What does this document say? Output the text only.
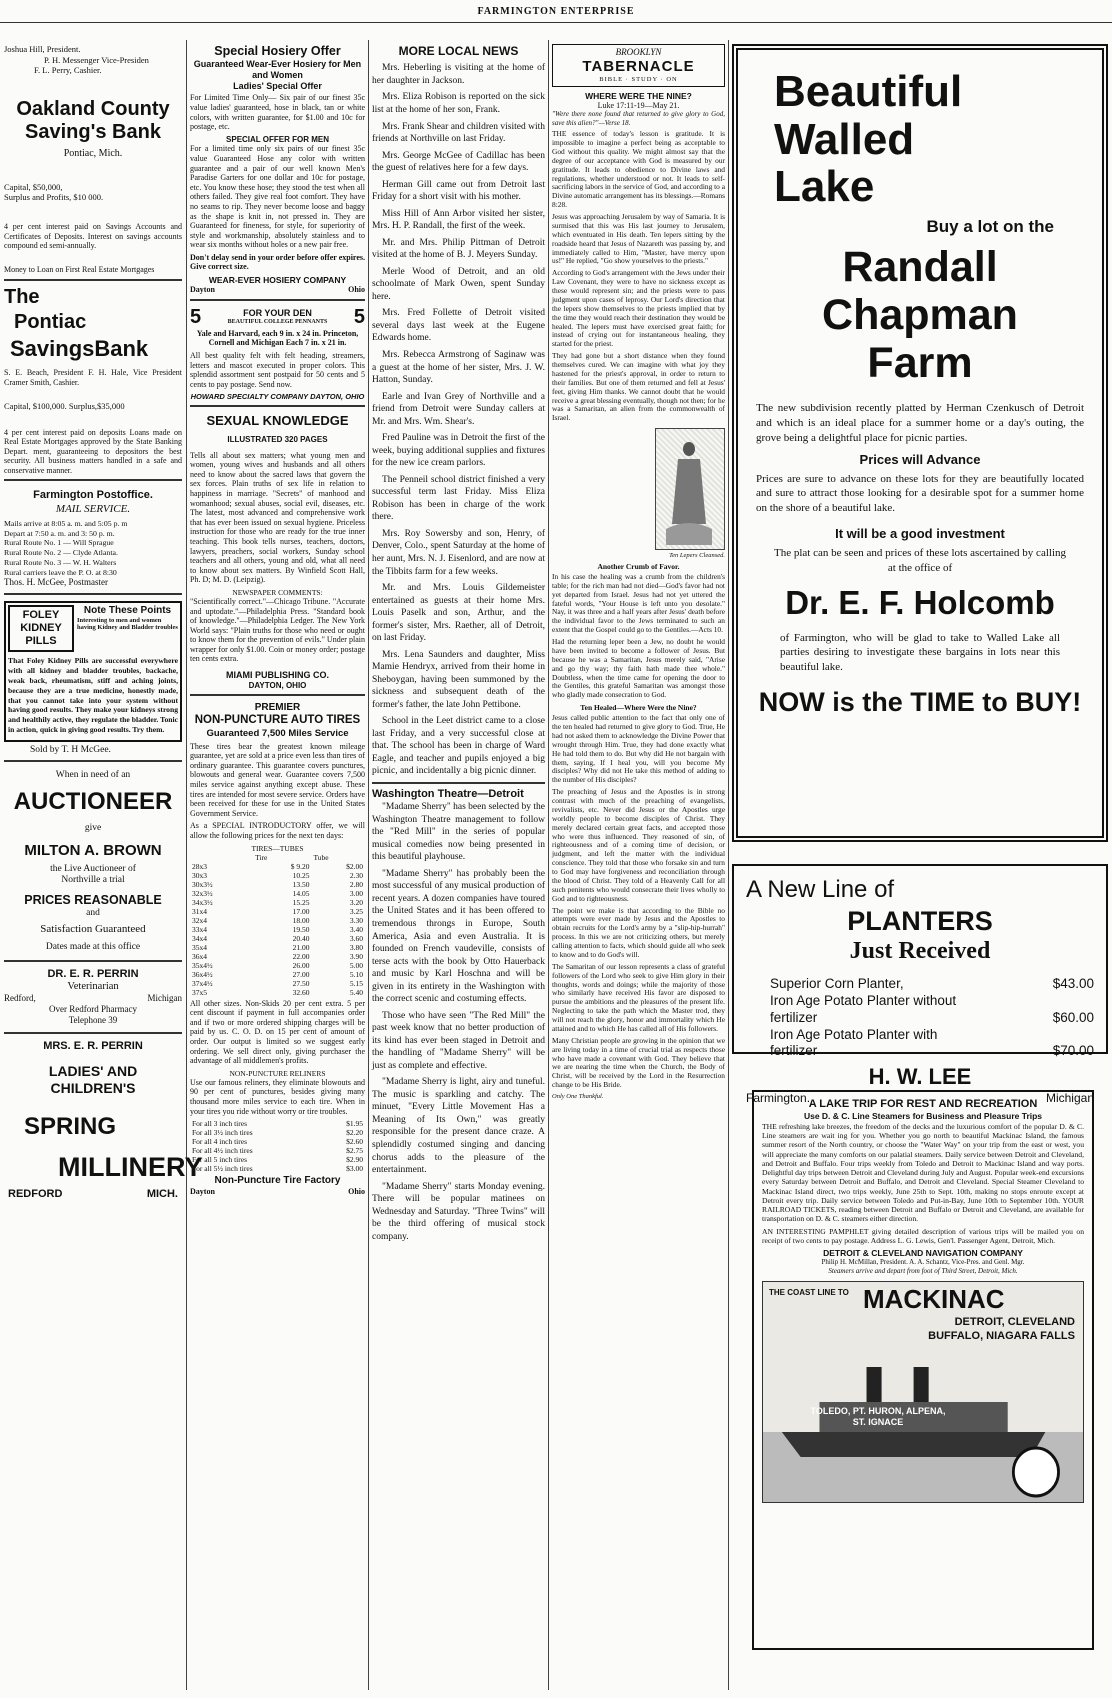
FARMINGTON ENTERPRISE
Joshua Hill, President.
P. H. Messenger Vice-Presiden
F. L. Perry, Cashier.
Oakland County Saving's Bank
Pontiac, Mich.
Capital, $50,000,
Surplus and Profits, $10 000.

4 per cent interest paid on Savings Accounts and Certificates of Deposits. Interest on savings accounts compound ed semi-annually.

Money to Loan on First Real Estate Mortgages

The
Pontiac
SavingsBank

S. E. Beach, President F. H. Hale, Vice President Cramer Smith, Cashier.

Capital, $100,000. Surplus,$35,000

4 per cent interest paid on deposits Loans made on Real Estate Mortgages approved by the State Banking Depart. ment, guaranteeing to depositors the best security. All business matters handled in a safe and conservative manner.

Farmington Postoffice.
MAIL SERVICE.
Mails arrive at 8:05 a. m. and 5:05 p. m
Depart at 7:50 a. m. and 3: 50 p. m.
Rural Route No. 1 — Will Sprague
Rural Route No. 2 — Clyde Atlanta.
Rural Route No. 3 — W. H. Walters
Rural carriers leave the P. O. at 8:30
Thos. H. McGee, Postmaster
FOLEY KIDNEY PILLS
Note These Points
Interesting to men and women having Kidney and Bladder troubles

That Foley Kidney Pills are successful everywhere with all kidney and bladder troubles, backache, weak back, rheumatism, stiff and aching joints, because they are a true medicine, honestly made, that you cannot take into your system without having good results. They make your kidneys strong and healthily active, they regulate the bladder. Tonic in action, quick in giving good results. Try them.

Sold by T. H McGee.
When in need of an
AUCTIONEER
give
MILTON A. BROWN
the Live Auctioneer of Northville a trial
PRICES REASONABLE
and
Satisfaction Guaranteed
Dates made at this office
DR. E. R. PERRIN
Veterinarian
Redford,	Michigan
Over Redford Pharmacy
Telephone 39
MRS. E. R. PERRIN
LADIES' AND
CHILDREN'S
SPRING
MILLINERY
REDFORD	MICH.
Special Hosiery Offer
Guaranteed Wear-Ever Hosiery for Men and Women
Ladies' Special Offer

For Limited Time Only— Six pair of our finest 35c value ladies' guaranteed, hose in black, tan or white colors, with written guarantee, for $1.00 and 10c for postage, etc.

SPECIAL OFFER FOR MEN

For a limited time only six pairs of our finest 35c value Guaranteed Hose any color with written guarantee and a pair of our well known Men's Paradise Garters for one dollar and 10c for postage, etc. You know these hose; they stood the test when all others failed. They give real foot comfort. They have no seams to rip. They never become loose and baggy as the shape is knit in, not pressed in. They are Guaranteed for fineness, for style, for superiority of style and workmanship, absolutely stainless and to wear six months without holes or a new pair free.

Don't delay send in your order before offer expires. Give correct size.

WEAR-EVER HOSIERY COMPANY
Dayton	Ohio
5	FOR YOUR DEN
BEAUTIFUL COLLEGE PENNANTS	5

Yale and Harvard, each 9 in. x 24 in. Princeton, Cornell and Michigan Each 7 in. x 21 in.

All best quality felt with felt heading, streamers, letters and mascot executed in proper colors. This splendid assortment sent postpaid for 50 cents and 5 cents to pay postage. Send now.

HOWARD SPECIALTY COMPANY DAYTON, OHIO
SEXUAL KNOWLEDGE
ILLUSTRATED 320 PAGES

Tells all about sex matters; what young men and women, young wives and husbands and all others need to know about the sacred laws that govern the sex forces. Plain truths of sex life in relation to happiness in marriage. "Secrets" of manhood and womanhood; sexual abuses, social evil, diseases, etc. The latest, most advanced and comprehensive work that has ever been issued on sexual hygiene. Priceless instruction for those who are ready for the true inner teaching. This book tells nurses, teachers, doctors, lawyers, preachers, social workers, Sunday school teachers and all others, young and old, what all need to know about sex matters. By Winfield Scott Hall, Ph. D; M. D. (Leipzig).

NEWSPAPER COMMENTS:

"Scientifically correct."—Chicago Tribune. "Accurate and uptodate."—Philadelphia Press. "Standard book of knowledge."—Philadelphia Ledger. The New York World says: "Plain truths for those who need or ought to know them for the prevention of evils." Under plain wrapper for only $1.00. Coin or money order; postage ten cents extra.

MIAMI PUBLISHING CO.
DAYTON, OHIO
PREMIER
NON-PUNCTURE AUTO TIRES
Guaranteed 7,500 Miles Service

These tires bear the greatest known mileage guarantee, yet are sold at a price even less than tires of ordinary guarantee. This guarantee covers punctures, blowouts and general wear. Guarantee covers 7,500 miles service against anything except abuse. These tires are intended for most severe service. Orders have been received for these for use in the United States Government Service.

As a SPECIAL INTRODUCTORY offer, we will allow the following prices for the next ten days:

TIRES—TUBES
	Tire	Tube
28x3	$ 9.20	$2.00
30x3	10.25	2.30
30x3½	13.50	2.80
32x3½	14.05	3.00
34x3½	15.25	3.20
31x4	17.00	3.25
32x4	18.00	3.30
33x4	19.50	3.40
34x4	20.40	3.60
35x4	21.00	3.80
36x4	22.00	3.90
35x4½	26.00	5.00
36x4½	27.00	5.10
37x4½	27.50	5.15
37x5	32.60	5.40

All other sizes. Non-Skids 20 per cent extra. 5 per cent discount if payment in full accompanies order and if two or more ordered shipping charges will be paid by us. C. O. D. on 15 per cent of amount of order. Our output is limited so we suggest early ordering. We sell direct only, giving purchaser the advantage of all middlemen's profits.

NON-PUNCTURE RELINERS

Use our famous reliners, they eliminate blowouts and 90 per cent of punctures, besides giving many thousand more miles service to each tire. When in your tires you ride without worry or tire troubles.

For all 3 inch tires	$1.95
For all 3½ inch tires	$2.20
For all 4 inch tires	$2.60
For all 4½ inch tires	$2.75
For all 5 inch tires	$2.90
For all 5½ inch tires	$3.00
Non-Puncture Tire Factory
Dayton	Ohio
MORE LOCAL NEWS

Mrs. Heberling is visiting at the home of her daughter in Jackson.

Mrs. Eliza Robison is reported on the sick list at the home of her son, Frank.

Mrs. Frank Shear and children visited with friends at Northville on last Friday.

Mrs. George McGee of Cadillac has been the guest of relatives here for a few days.

Herman Gill came out from Detroit last Friday for a short visit with his mother.

Miss Hill of Ann Arbor visited her sister, Mrs. H. P. Randall, the first of the week.

Mr. and Mrs. Philip Pittman of Detroit visited at the home of B. J. Meyers Sunday.

Merle Wood of Detroit, and an old schoolmate of Mark Owen, spent Sunday here.

Mrs. Fred Follette of Detroit visited several days last week at the Eugene Edwards home.

Mrs. Rebecca Armstrong of Saginaw was a guest at the home of her sister, Mrs. J. W. Hatton, Sunday.

Earle and Ivan Grey of Northville and a friend from Detroit were Sunday callers at Mr. and Mrs. Wm. Shear's.

Fred Pauline was in Detroit the first of the week, buying additional supplies and fixtures for the new ice cream parlors.

The Penneil school district finished a very successful term last Friday. Miss Eliza Robison has been in charge of the work there.

Mrs. Roy Sowersby and son, Henry, of Denver, Colo., spent Saturday at the home of her aunt, Mrs. N. J. Eisenlord, and are now at the Tibbits farm for a few weeks.

Mr. and Mrs. Louis Gildemeister entertained as guests at their home Mrs. Louis Paselk and son, Arthur, and the former's sister, Mrs. Raether, all of Detroit, on last Friday.

Mrs. Lena Saunders and daughter, Miss Mamie Hendryx, arrived from their home in Sheboygan, having been summoned by the sickness and subsequent death of the former's father, the late John Pettibone.

School in the Leet district came to a close last Friday, and a very successful close at that. The school has been in charge of Ward Eagle, and teacher and pupils enjoyed a big picnic, and incidentally a big picnic dinner.

Washington Theatre—Detroit

"Madame Sherry" has been selected by the Washington Theatre management to follow the "Red Mill" in the series of popular musical comedies now being presented in this beautiful playhouse.

"Madame Sherry" has probably been the most successful of any musical production of recent years. A dozen companies have toured the United States and it has been offered to tremendous throngs in Europe, South America, Asia and even Australia. It is founded on French vaudeville, consists of terse acts with the book by Otto Hauerback and music by Karl Hoschna and will be given in its entirety in the Washington with the correct scenic and costuming effects.

Those who have seen "The Red Mill" the past week know that no better production of its kind has ever been staged in Detroit and the handling of "Madame Sherry" will be just as complete and effective.

"Madame Sherry is light, airy and tuneful. The music is sparkling and catchy. The minuet, "Every Little Movement Has a Meaning of Its Own," was greatly responsible for the present dance craze. A splendidly costumed singing and dancing chorus adds to the pleasure of the entertainment.

"Madame Sherry" starts Monday evening. There will be popular matinees on Wednesday and Saturday. "Three Twins" will be the third offering of musical stock company.

BROOKLYN
TABERNACLE
BIBLE · STUDY · ON
WHERE WERE THE NINE?
Luke 17:11-19—May 21.

"Were there none found that returned to give glory to God, save this alien?"—Verse 18.

THE essence of today's lesson is gratitude. It is impossible to imagine a perfect being as acceptable to God without this quality. We might almost say that the degree of our acceptance with God is measured by our gratitude. It leads to obedience to Divine laws and regulations, whether understood or not. It leads to self-sacrificing labors in the service of God, and according to a Divine automatic arrangement has its blessings.—Romans 8:28.

Jesus was approaching Jerusalem by way of Samaria. It is surmised that this was His last journey to Jerusalem, which eventuated in His death. Ten lepers sitting by the roadside heard that Jesus of Nazareth was passing by, and immediately called to Him, "Master, have mercy upon us!" He replied, "Go show yourselves to the priests."

According to God's arrangement with the Jews under their Law Covenant, they were to have no sickness except as these would represent sin; and the priests were to pass judgment upon cases of leprosy. Our Lord's direction that the lepers show themselves to the priests implied that by the time they would reach their destination they would be healed. The lepers must have exercised great faith; for instead of crying out for instantaneous healing, they started for the priest.

They had gone but a short distance when they found themselves cured. We can imagine with what joy they hastened for the priest's approval, in order to return to their families. But one of them returned and fell at Jesus' feet, giving Him thanks. We cannot doubt that he would receive a great blessing eventually, though not then; for he was a Samaritan, an alien from the commonwealth of Israel.

Ten Lepers Cleansed.
Another Crumb of Favor.

In his case the healing was a crumb from the children's table; for the rich man had not died—God's favor had not yet departed from Israel. Jesus had not yet uttered the fateful words, "Your House is left unto you desolate." Nay, it was three and a half years after Jesus' death before the individual favor to the Jews terminated to such an extent that the Gospel could go to the Gentiles.—Acts 10.

Had the returning leper been a Jew, no doubt he would have been invited to become a follower of Jesus. But because he was a Samaritan, Jesus merely said, "Arise and go thy way; thy faith hath made thee whole." Doubtless, when the time came for opening the door to the Gentiles, this grateful Samaritan was amongst those who gladly made consecration to God.

Ten Healed—Where Were the Nine?

Jesus called public attention to the fact that only one of the ten healed had returned to give glory to God. True, He had not asked them to acknowledge the Divine Power that wrought through Him. True, they had done exactly what He had told them to do. But why did He not bargain with them, saying, If I heal you, will you become My disciples? Why did not He take this method of adding to the number of His disciples?

The preaching of Jesus and the Apostles is in strong contrast with much of the preaching of evangelists, revivalists, etc. Never did Jesus or the Apostles urge worldly people to become disciples of Christ. They merely declared certain great facts, and accepted those who were thus influenced. They reasoned of sin, of righteousness and of a coming time of decision, or judgment, and left the matter with the individual conscience. They told that those who forsake sin and turn to God may have forgiveness and reconciliation through the blood of Christ. They told of a Heavenly Call for all such penitents who would consecrate their lives wholly to God and to righteousness.

The point we make is that according to the Bible no attempts were ever made by Jesus and the Apostles to obtain recruits for the Lord's army by a "slip-hip-hurrah" process. In this we are not criticizing others, but merely calling attention to facts, which should guide all who seek to know and to do God's will.

The Samaritan of our lesson represents a class of grateful followers of the Lord who seek to give Him glory in their thoughts, words and doings; while the majority of those who similarly have received His favor are disposed to pursue the ambitions and the pleasures of the present life. Neglecting to take the path which the Master trod, they will not reach the glory, honor and immortality which He attained and to which He has called all of His followers.

Many Christian people are growing in the opinion that we are living today in a time of crucial trial as respects those who have made a covenant with God. They believe that we are nearing the time when the Church, the Body of Christ, will be received by the Lord in the Resurrection change to be His Bride.

Only One Thankful.
Beautiful
Walled
Lake
Buy a lot on the
Randall
Chapman
Farm

The new subdivision recently platted by Herman Czenkusch of Detroit and which is an ideal place for a summer home or a day's outing, the grove being a delightful place for picnic parties.

Prices will Advance

Prices are sure to advance on these lots for they are beautifully located and sure to attract those looking for a desirable spot for a summer home on the shore of a beautiful lake.

It will be a good investment

The plat can be seen and prices of these lots ascertained by calling at the office of

Dr. E. F. Holcomb

of Farmington, who will be glad to take to Walled Lake all parties desiring to investigate these bargains in lots near this beautiful lake.

NOW is the TIME to BUY!
A New Line of
PLANTERS
Just Received
Superior Corn Planter,	$43.00
Iron Age Potato Planter without fertilizer	$60.00
Iron Age Potato Planter with fertilizer	$70.00
H. W. LEE
Farmington.	Michigan
A LAKE TRIP FOR REST AND RECREATION
Use D. & C. Line Steamers for Business and Pleasure Trips

THE refreshing lake breezes, the freedom of the decks and the luxurious comfort of the popular D. & C. Line steamers are wait ing for you. Whether you go north to beautiful Mackinac Island, the famous summer resort of the North country, or choose the "Water Way" on your trip from the east or west, you will appreciate the many comforts on our palatial steamers. Daily service between Detroit and Cleveland, and Detroit and Buffalo. Four trips weekly from Toledo and Detroit to Mackinac Island and way ports. Delightful day trips between Detroit and Cleveland during July and August. Popular week-end excursions every Saturday between Detroit and Buffalo, and Detroit and Cleveland. Special Steamer Cleveland to Mackinac Island direct, two trips weekly, June 25th to Sept. 10th, making no stops enroute except at Detroit every trip. Daily service between Toledo and Put-in-Bay, June 10th to September 10th. YOUR RAILROAD TICKETS, reading between Detroit and Buffalo or Detroit and Cleveland, are available for transportation on D. & C. steamers either direction.

AN INTERESTING PAMPHLET giving detailed description of various trips will be mailed you on receipt of two cents to pay postage. Address L. G. Lewis, Gen'l. Passenger Agent, Detroit, Mich.

DETROIT & CLEVELAND NAVIGATION COMPANY
Philip H. McMillan, President. A. A. Schantz, Vice-Pres. and Genl. Mgr.
Steamers arrive and depart from foot of Third Street, Detroit, Mich.
THE COAST LINE TO MACKINAC
DETROIT, CLEVELAND
BUFFALO, NIAGARA FALLS
TOLEDO, PT. HURON, ALPENA, ST. IGNACE
